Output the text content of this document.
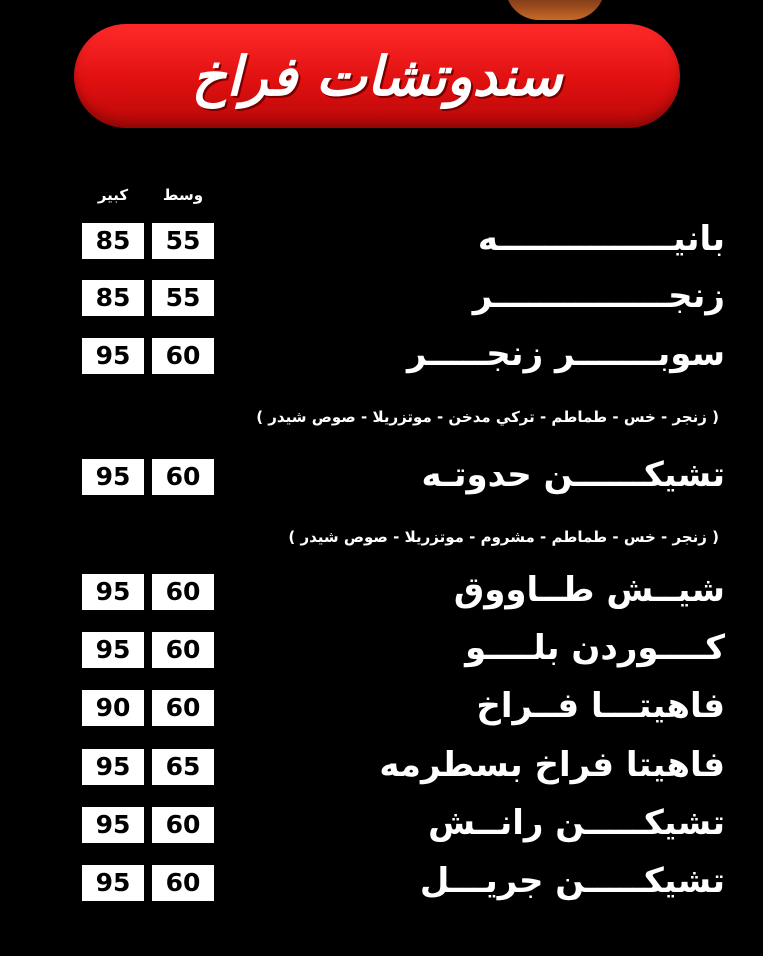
سندوتشات فراخ
وسط
كبير
85	55	بانيـــــــــــــــه
85	55	زنجـــــــــــــــر
95	60	سوبـــــــر زنجـــــر
( زنجر - خس - طماطم - تركي مدخن - موتزريلا - صوص شيدر )
95	60	تشيكــــــن حدوتـه
( زنجر - خس - طماطم - مشروم - موتزريلا - صوص شيدر )
95	60	شيــش طــاووق
95	60	كــــوردن بلــــو
90	60	فاهيتـــا فــراخ
95	65	فاهيتا فراخ بسطرمه
95	60	تشيكـــــن رانــش
95	60	تشيكـــــن جريـــل
